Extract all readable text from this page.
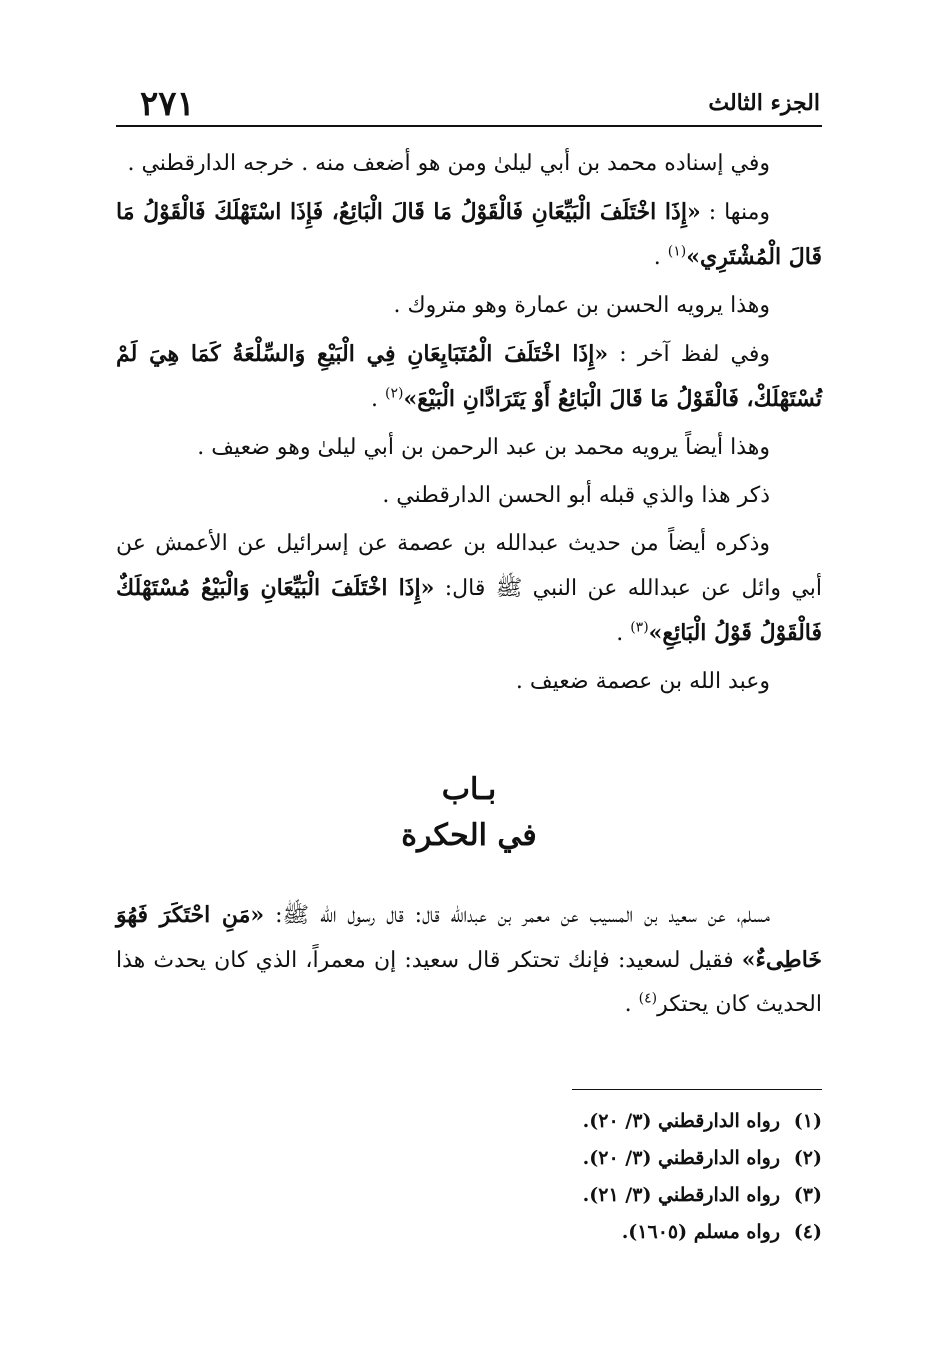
الجزء الثالث
٢٧١

وفي إسناده محمد بن أبي ليلىٰ ومن هو أضعف منه . خرجه الدارقطني .

ومنها : «إِذَا اخْتَلَفَ الْبَيِّعَانِ فَالْقَوْلُ مَا قَالَ الْبَائِعُ، فَإِذَا اسْتَهْلَكَ فَالْقَوْلُ مَا قَالَ الْمُشْتَرِي»$^{(١)}$ .

وهذا يرويه الحسن بن عمارة وهو متروك .

وفي لفظ آخر : «إِذَا اخْتَلَفَ الْمُتَبَايِعَانِ فِي الْبَيْعِ وَالسِّلْعَةُ كَمَا هِيَ لَمْ تُسْتَهْلَكْ، فَالْقَوْلُ مَا قَالَ الْبَائِعُ أَوْ يَتَرَادَّانِ الْبَيْعَ»$^{(٢)}$ .

وهذا أيضاً يرويه محمد بن عبد الرحمن بن أبي ليلىٰ وهو ضعيف .

ذكر هذا والذي قبله أبو الحسن الدارقطني .

وذكره أيضاً من حديث عبدالله بن عصمة عن إسرائيل عن الأعمش عن أبي وائل عن عبدالله عن النبي ﷺ قال: «إِذَا اخْتَلَفَ الْبَيِّعَانِ وَالْبَيْعُ مُسْتَهْلَكٌ فَالْقَوْلُ قَوْلُ الْبَائِعِ»$^{(٣)}$ .

وعبد الله بن عصمة ضعيف .

بـاب
في الحكرة

مسلم، عن سعيد بن المسيب عن معمر بن عبدالله قال: قال رسول الله ﷺ: «مَنِ احْتَكَرَ فَهُوَ خَاطِىءٌ» فقيل لسعيد: فإنك تحتكر قال سعيد: إن معمراً، الذي كان يحدث هذا الحديث كان يحتكر$^{(٤)}$ .

(١)رواه الدارقطني (٣/ ٢٠).
(٢)رواه الدارقطني (٣/ ٢٠).
(٣)رواه الدارقطني (٣/ ٢١).
(٤)رواه مسلم (١٦٠٥).
